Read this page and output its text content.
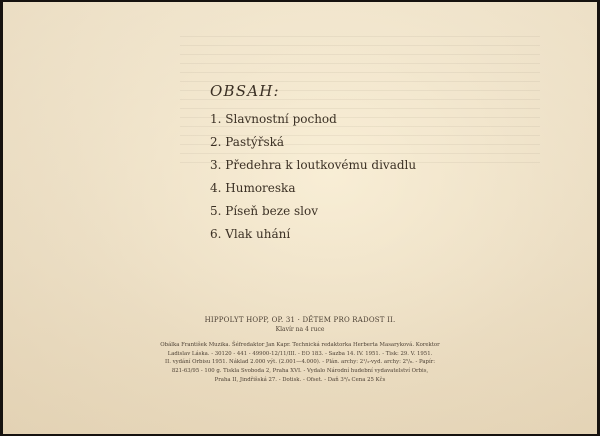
OBSAH:
1. Slavnostní pochod
2. Pastýřská
3. Předehra k loutkovému divadlu
4. Humoreska
5. Píseň beze slov
6. Vlak uhání
HIPPOLYT HOPP, OP. 31 · DĚTEM PRO RADOST II.
Klavír na 4 ruce
Obálka František Muzika. Šéfredaktor Jan Kapr. Technická redaktorka Herberta Masaryková. Korektor
Ladislav Láska. - 30120 - 441 - 49900-12/11/III. - EO 183. - Sazba 14. IV. 1951. - Tisk: 29. V. 1951.
II. vydání Orbisu 1951. Náklad 2.000 výt. (2.001—4.000). - Plán. archy: 2¹/₂-vyd. archy: 2⁵/₈. - Papír:
821-63/95 - 100 g. Tiskla Svoboda 2, Praha XVI. - Vydalo Národní hudební vydavatelství Orbis,
Praha II, Jindřišská 27. - Dotisk. - Ofset. - Daň 3⁴/₉ Cena 25 Kčs
